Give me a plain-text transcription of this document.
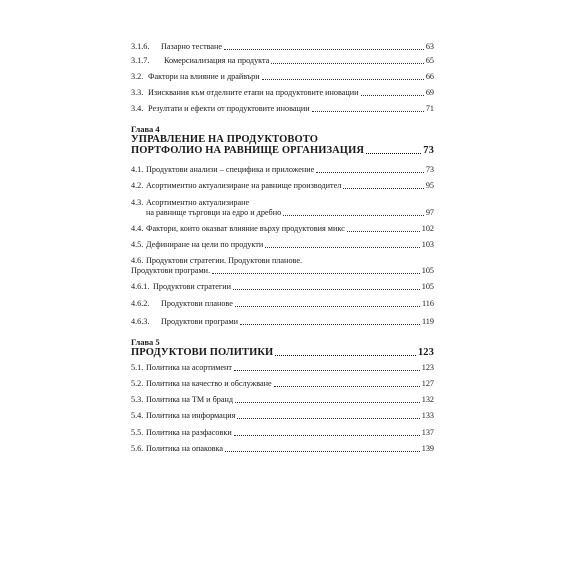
3.1.6.	Пазарно тестване	63
3.1.7.	Комерсиализация на продукта	65
3.2. Фактори на влияние и драйвъри	66
3.3. Изисквания към отделните етапи на продуктовите иновации	69
3.4. Резултати и ефекти от продуктовите иновации	71
Глава 4
УПРАВЛЕНИЕ НА ПРОДУКТОВОТО
ПОРТФОЛИО НА РАВНИЩЕ ОРГАНИЗАЦИЯ	73
4.1. Продуктови анализи – специфика и приложение	73
4.2. Асортиментно актуализиране на равнище производител	95
4.3. Асортиментно актуализиране
на равнище търговци на едро и дребно	97
4.4. Фактори, които оказват влияние върху продуктовия микс	102
4.5. Дефиниране на цели по продукти	103
4.6. Продуктови стратегии. Продуктови планове.
Продуктови програми.	105
4.6.1. Продуктови стратегии	105
4.6.2.	Продуктови планове	116
4.6.3.	Продуктови програми	119
Глава 5
ПРОДУКТОВИ ПОЛИТИКИ	123
5.1. Политика на асортимент	123
5.2. Политика на качество и обслужване	127
5.3. Политика на ТМ и бранд	132
5.4. Политика на информация	133
5.5. Политика на разфасовки	137
5.6. Политика на опаковка	139
